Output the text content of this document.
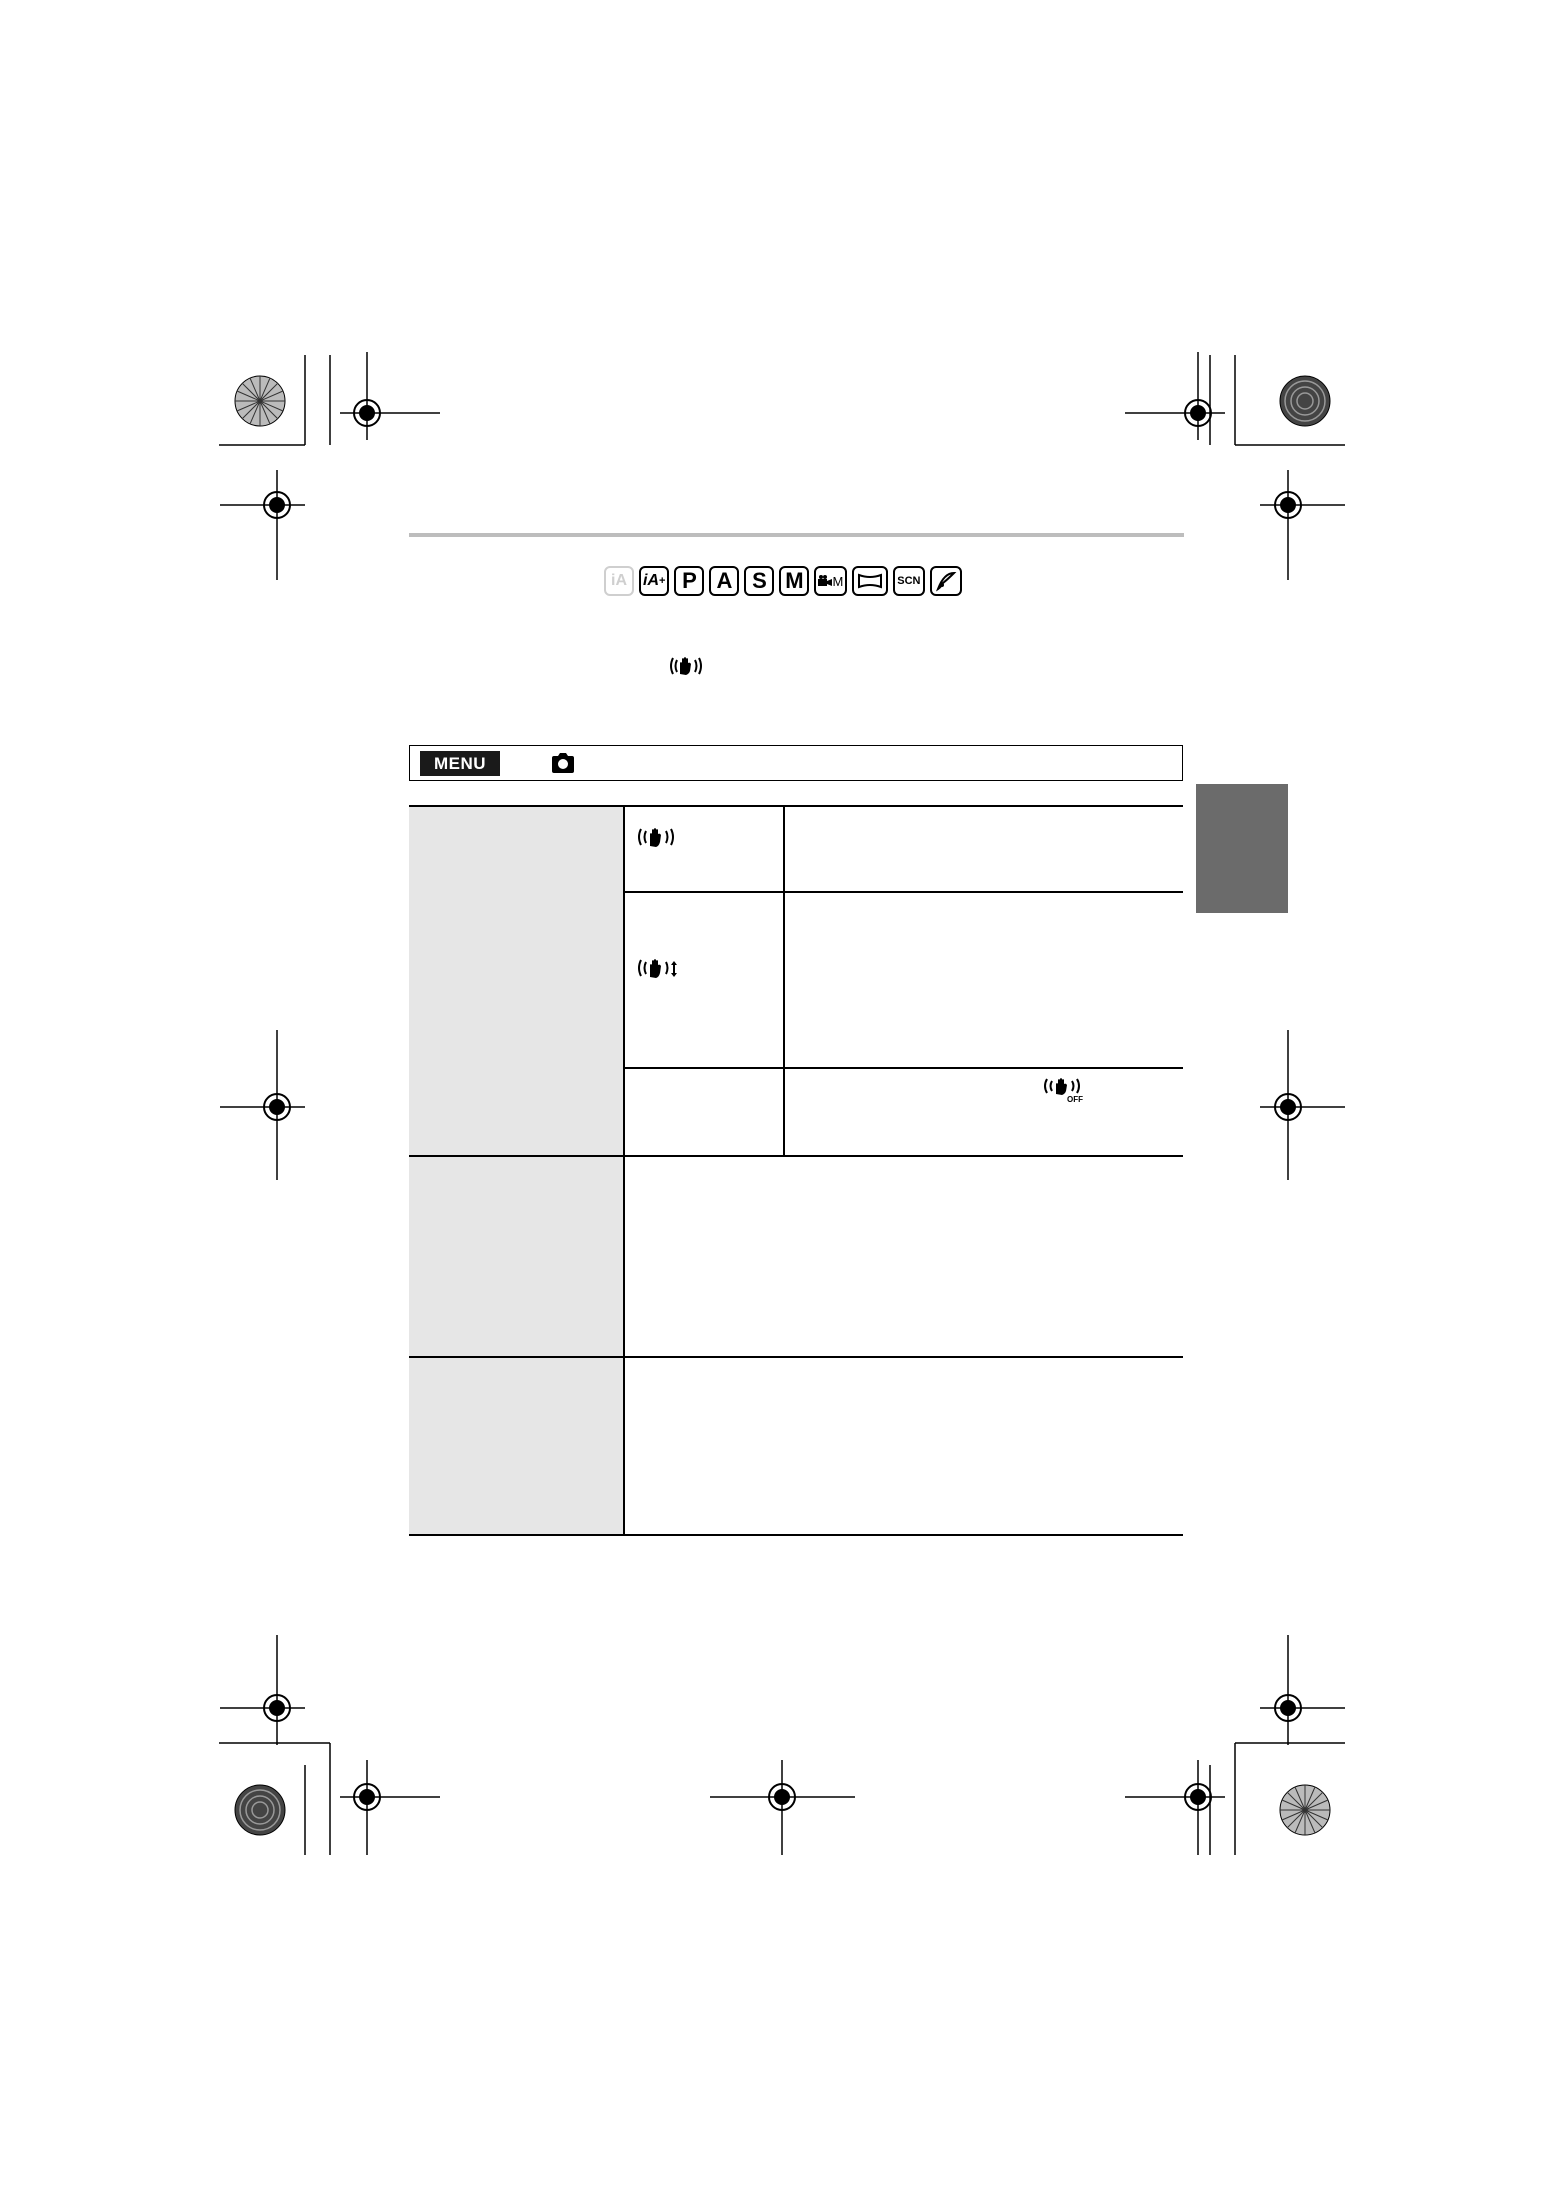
iA	iA + P A S M	M	SCN
MENU
OFF
